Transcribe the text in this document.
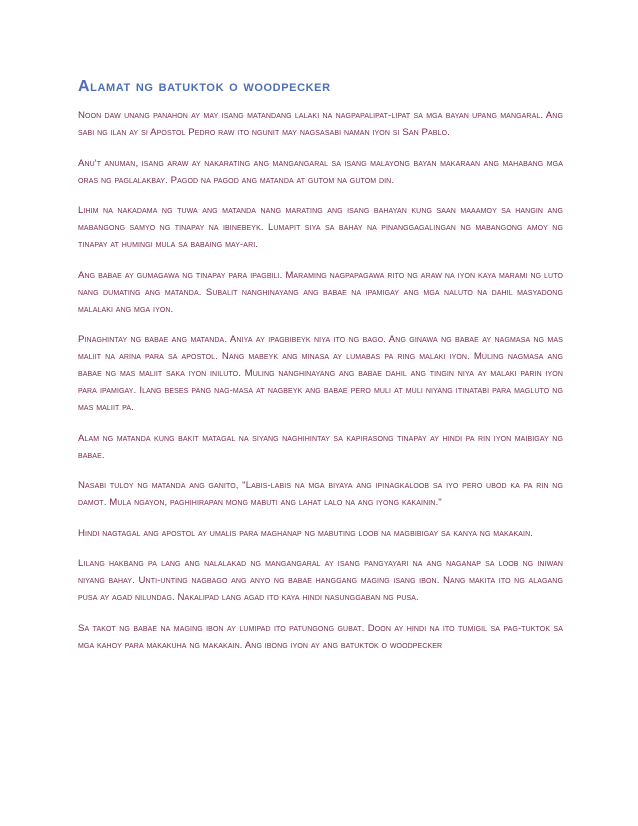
Alamat ng batuktok o woodpecker

Noon daw unang panahon ay may isang matandang lalaki na nagpapalipat-lipat sa mga bayan upang mangaral. Ang sabi ng ilan ay si Apostol Pedro raw ito ngunit may nagsasabi naman iyon si San Pablo.

Anu't anuman, isang araw ay nakarating ang mangangaral sa isang malayong bayan makaraan ang mahabang mga oras ng paglalakbay. Pagod na pagod ang matanda at gutom na gutom din.

Lihim na nakadama ng tuwa ang matanda nang marating ang isang bahayan kung saan maaamoy sa hangin ang mabangong samyo ng tinapay na ibinebeyk. Lumapit siya sa bahay na pinanggagalingan ng mabangong amoy ng tinapay at humingi mula sa babaing may-ari.

Ang babae ay gumagawa ng tinapay para ipagbili. Maraming nagpapagawa rito ng araw na iyon kaya marami ng luto nang dumating ang matanda. Subalit nanghinayang ang babae na ipamigay ang mga naluto na dahil masyadong malalaki ang mga iyon.

Pinaghintay ng babae ang matanda. Aniya ay ipagbibeyk niya ito ng bago. Ang ginawa ng babae ay nagmasa ng mas maliit na arina para sa apostol. Nang mabeyk ang minasa ay lumabas pa ring malaki iyon. Muling nagmasa ang babae ng mas maliit saka iyon iniluto. Muling nanghinayang ang babae dahil ang tingin niya ay malaki parin iyon para ipamigay. Ilang beses pang nag-masa at nagbeyk ang babae pero muli at muli niyang itinatabi para magluto ng mas maliit pa.

Alam ng matanda kung bakit matagal na siyang naghihintay sa kapirasong tinapay ay hindi pa rin iyon maibigay ng babae.

Nasabi tuloy ng matanda ang ganito, "Labis-labis na mga biyaya ang ipinagkaloob sa iyo pero ubod ka pa rin ng damot. Mula ngayon, paghihirapan mong mabuti ang lahat lalo na ang iyong kakainin."

Hindi nagtagal ang apostol ay umalis para maghanap ng mabuting loob na magbibigay sa kanya ng makakain.

Lilang hakbang pa lang ang nalalakad ng mangangaral ay isang pangyayari na ang naganap sa loob ng iniwan niyang bahay. Unti-unting nagbago ang anyo ng babae hanggang maging isang ibon. Nang makita ito ng alagang pusa ay agad nilundag. Nakalipad lang agad ito kaya hindi nasunggaban ng pusa.

Sa takot ng babae na maging ibon ay lumipad ito patungong gubat. Doon ay hindi na ito tumigil sa pag-tuktok sa mga kahoy para makakuha ng makakain. Ang ibong iyon ay ang batuktok o woodpecker
